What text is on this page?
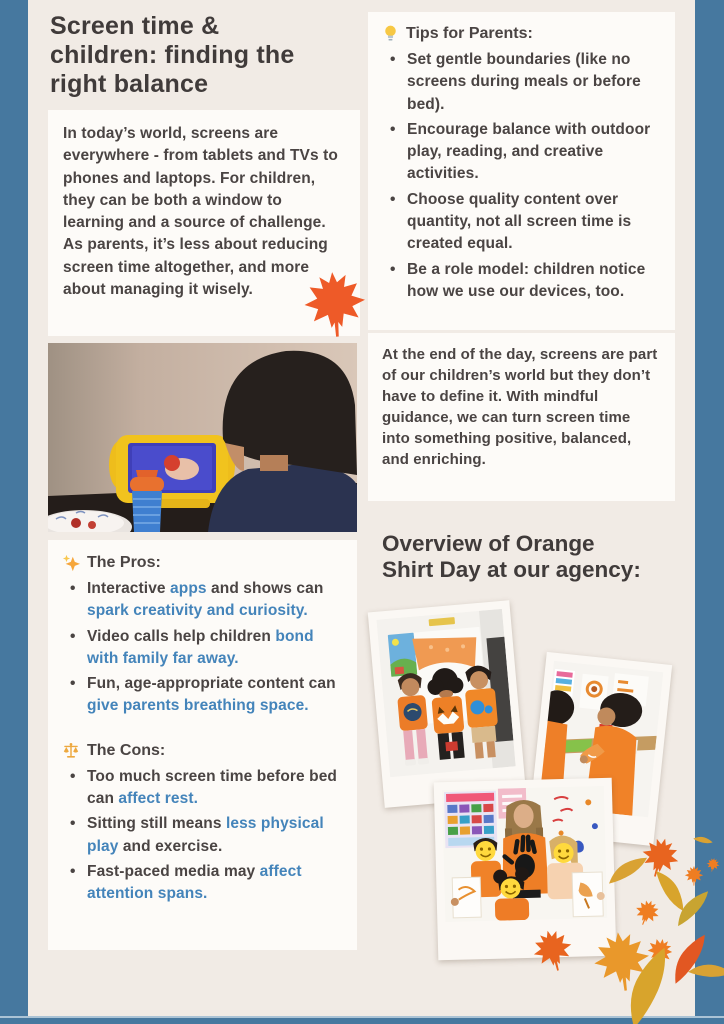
Screen time &
children: finding the
right balance

In today’s world, screens are everywhere - from tablets and TVs to phones and laptops. For children, they can be both a window to learning and a source of challenge. As parents, it’s less about reducing screen time altogether, and more about managing it wisely.

The Pros:
• Interactive apps and shows can spark creativity and curiosity.
• Video calls help children bond with family far away.
• Fun, age-appropriate content can give parents breathing space.
The Cons:
• Too much screen time before bed can affect rest.
• Sitting still means less physical play and exercise.
• Fast-paced media may affect attention spans.
Tips for Parents:
• Set gentle boundaries (like no screens during meals or before bed).
• Encourage balance with outdoor play, reading, and creative activities.
• Choose quality content over quantity, not all screen time is created equal.
• Be a role model: children notice how we use our devices, too.

At the end of the day, screens are part of our children’s world but they don’t have to define it. With mindful guidance, we can turn screen time into something positive, balanced, and enriching.

Overview of Orange
Shirt Day at our agency:
